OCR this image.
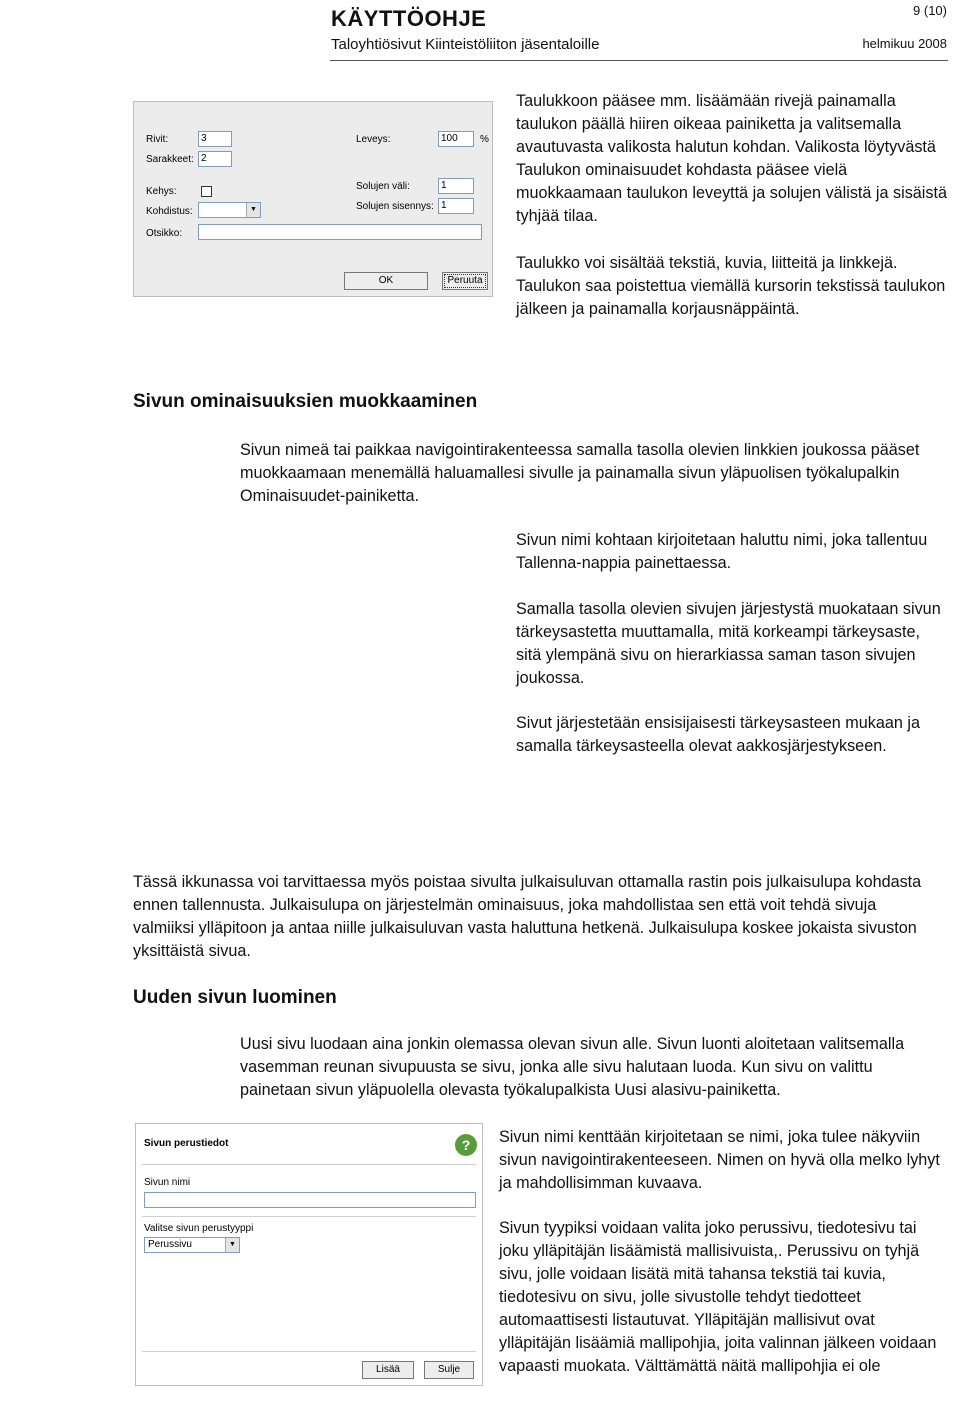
9 (10)
KÄYTTÖOHJE
Taloyhtiösivut Kiinteistöliiton jäsentaloille	helmikuu 2008
Rivit:	3
Sarakkeet: 2
Kehys:
Kohdistus:	▼
Leveys:	100	%
Solujen väli:	1
Solujen sisennys: 1
Otsikko:
OK	Peruuta
Taulukkoon pääsee mm. lisäämään rivejä painamalla
taulukon päällä hiiren oikeaa painiketta ja valitsemalla
avautuvasta valikosta halutun kohdan. Valikosta löytyvästä
Taulukon ominaisuudet kohdasta pääsee vielä
muokkaamaan taulukon leveyttä ja solujen välistä ja sisäistä
tyhjää tilaa.
Taulukko voi sisältää tekstiä, kuvia, liitteitä ja linkkejä.
Taulukon saa poistettua viemällä kursorin tekstissä taulukon
jälkeen ja painamalla korjausnäppäintä.
Sivun ominaisuuksien muokkaaminen
Sivun nimeä tai paikkaa navigointirakenteessa samalla tasolla olevien linkkien joukossa pääset
muokkaamaan menemällä haluamallesi sivulle ja painamalla sivun yläpuolisen työkalupalkin
Ominaisuudet-painiketta.
Sivun nimi kohtaan kirjoitetaan haluttu nimi, joka tallentuu
Tallenna-nappia painettaessa.
Samalla tasolla olevien sivujen järjestystä muokataan sivun
tärkeysastetta muuttamalla, mitä korkeampi tärkeysaste,
sitä ylempänä sivu on hierarkiassa saman tason sivujen
joukossa.
Sivut järjestetään ensisijaisesti tärkeysasteen mukaan ja
samalla tärkeysasteella olevat aakkosjärjestykseen.
Tässä ikkunassa voi tarvittaessa myös poistaa sivulta julkaisuluvan ottamalla rastin pois julkaisulupa kohdasta
ennen tallennusta. Julkaisulupa on järjestelmän ominaisuus, joka mahdollistaa sen että voit tehdä sivuja
valmiiksi ylläpitoon ja antaa niille julkaisuluvan vasta haluttuna hetkenä. Julkaisulupa koskee jokaista sivuston
yksittäistä sivua.
Uuden sivun luominen
Uusi sivu luodaan aina jonkin olemassa olevan sivun alle. Sivun luonti aloitetaan valitsemalla
vasemman reunan sivupuusta se sivu, jonka alle sivu halutaan luoda. Kun sivu on valittu
painetaan sivun yläpuolella olevasta työkalupalkista Uusi alasivu-painiketta.
Sivun perustiedot	?
Sivun nimi
Valitse sivun perustyyppi
Perussivu	▼
Lisää	Sulje
Sivun nimi kenttään kirjoitetaan se nimi, joka tulee näkyviin
sivun navigointirakenteeseen. Nimen on hyvä olla melko lyhyt
ja mahdollisimman kuvaava.
Sivun tyypiksi voidaan valita joko perussivu, tiedotesivu tai
joku ylläpitäjän lisäämistä mallisivuista,. Perussivu on tyhjä
sivu, jolle voidaan lisätä mitä tahansa tekstiä tai kuvia,
tiedotesivu on sivu, jolle sivustolle tehdyt tiedotteet
automaattisesti listautuvat. Ylläpitäjän mallisivut ovat
ylläpitäjän lisäämiä mallipohjia, joita valinnan jälkeen voidaan
vapaasti muokata. Välttämättä näitä mallipohjia ei ole
